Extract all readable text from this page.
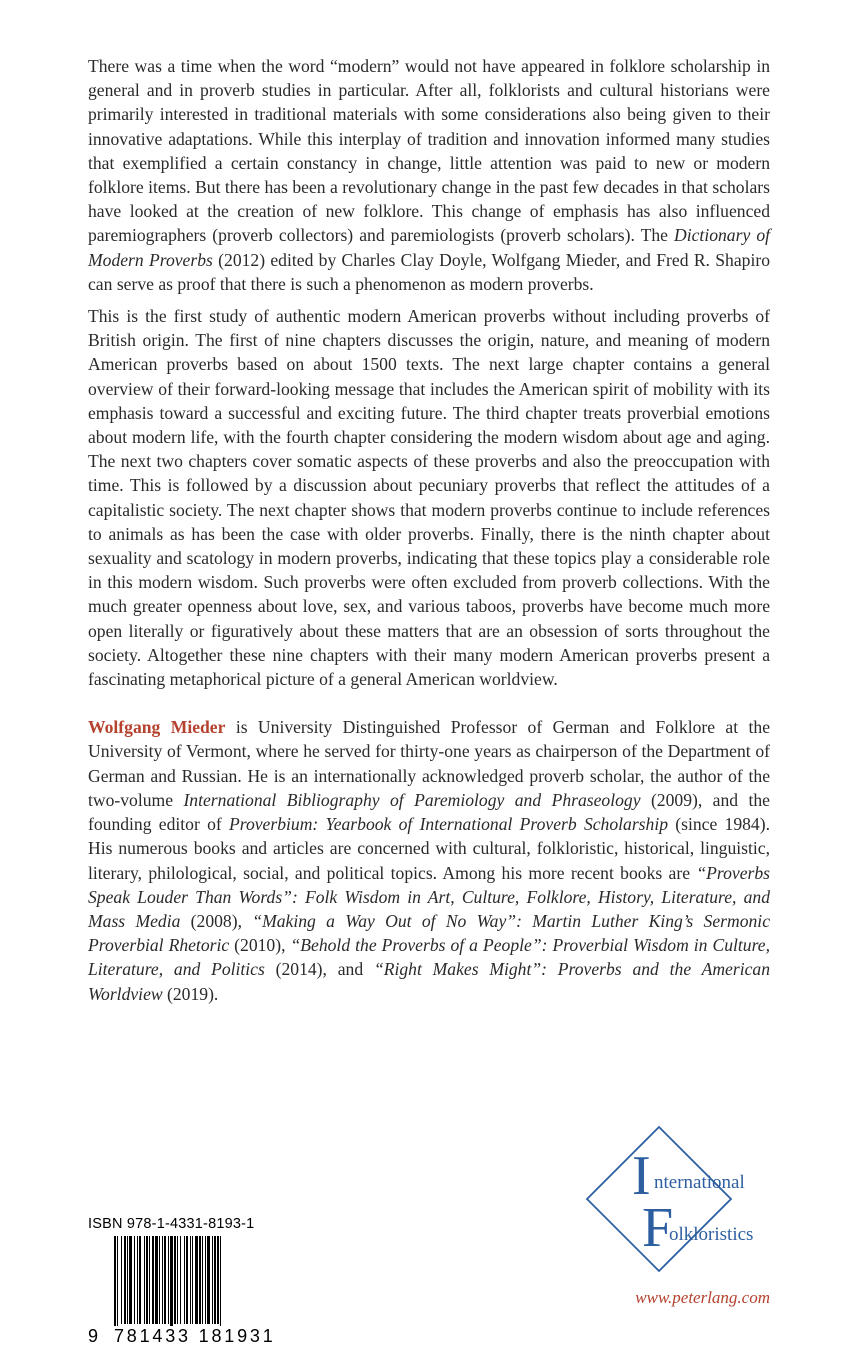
There was a time when the word “modern” would not have appeared in folklore scholarship in general and in proverb studies in particular. After all, folklorists and cultural historians were primarily interested in traditional materials with some considerations also being given to their innovative adaptations. While this interplay of tradition and innovation informed many studies that exemplified a certain constancy in change, little attention was paid to new or modern folklore items. But there has been a revolutionary change in the past few decades in that scholars have looked at the creation of new folklore. This change of emphasis has also influenced paremiographers (proverb collectors) and paremiologists (proverb scholars). The Dictionary of Modern Proverbs (2012) edited by Charles Clay Doyle, Wolfgang Mieder, and Fred R. Shapiro can serve as proof that there is such a phenomenon as modern proverbs.

This is the first study of authentic modern American proverbs without including proverbs of British origin. The first of nine chapters discusses the origin, nature, and meaning of modern American proverbs based on about 1500 texts. The next large chapter contains a general overview of their forward-looking message that includes the American spirit of mobility with its emphasis toward a successful and exciting future. The third chapter treats proverbial emotions about modern life, with the fourth chapter considering the modern wisdom about age and aging. The next two chapters cover somatic aspects of these proverbs and also the preoccupation with time. This is followed by a discussion about pecuniary proverbs that reflect the attitudes of a capitalistic society. The next chapter shows that modern proverbs continue to include references to animals as has been the case with older proverbs. Finally, there is the ninth chapter about sexuality and scatology in modern proverbs, indicating that these topics play a considerable role in this modern wisdom. Such proverbs were often excluded from proverb collections. With the much greater openness about love, sex, and various taboos, proverbs have become much more open literally or figuratively about these matters that are an obsession of sorts throughout the society. Altogether these nine chapters with their many modern American proverbs present a fascinating metaphorical picture of a general American worldview.

Wolfgang Mieder is University Distinguished Professor of German and Folklore at the University of Vermont, where he served for thirty-one years as chairperson of the Department of German and Russian. He is an internationally acknowledged proverb scholar, the author of the two-volume International Bibliography of Paremiology and Phraseology (2009), and the founding editor of Proverbium: Yearbook of International Proverb Scholarship (since 1984). His numerous books and articles are concerned with cultural, folkloristic, historical, linguistic, literary, philological, social, and political topics. Among his more recent books are “Proverbs Speak Louder Than Words”: Folk Wisdom in Art, Culture, Folklore, History, Literature, and Mass Media (2008), “Making a Way Out of No Way”: Martin Luther King’s Sermonic Proverbial Rhetoric (2010), “Behold the Proverbs of a People”: Proverbial Wisdom in Culture, Literature, and Politics (2014), and “Right Makes Might”: Proverbs and the American Worldview (2019).

ISBN 978-1-4331-8193-1
9 781433 181931
I
F
nternational
olkloristics
www.peterlang.com
